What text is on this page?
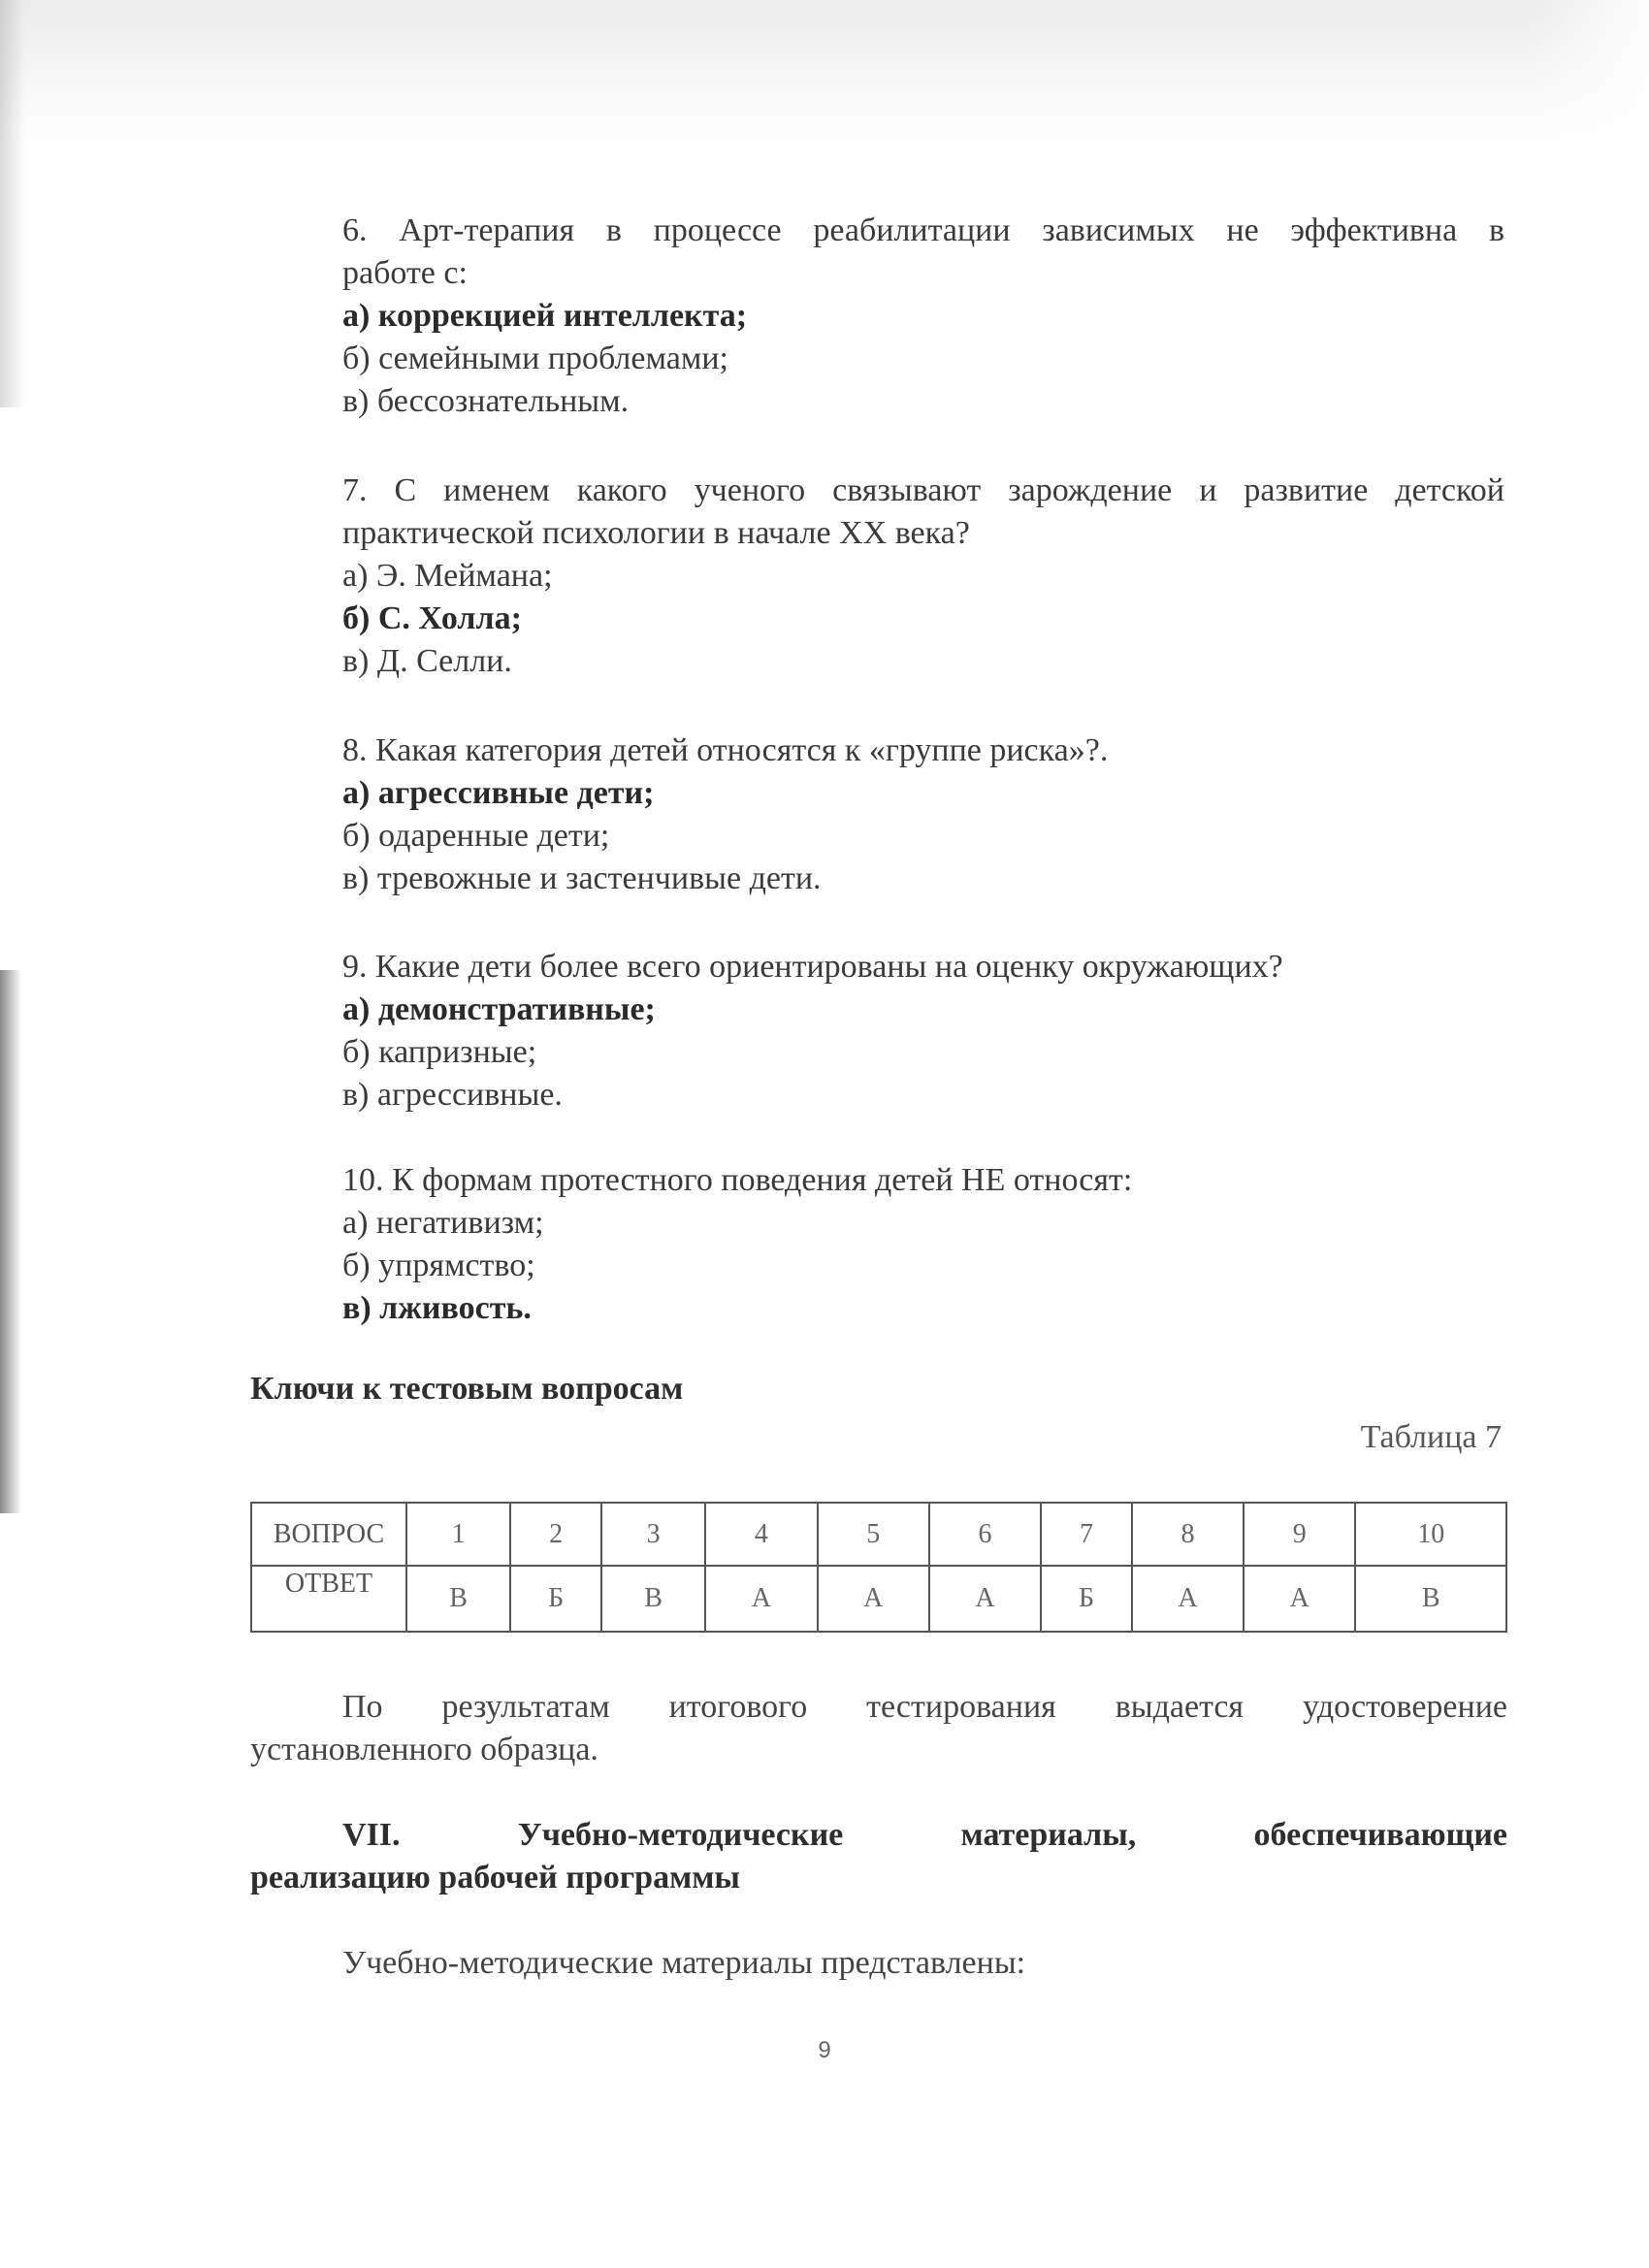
6. Арт-терапия в процессе реабилитации зависимых не эффективна в
работе с:
а) коррекцией интеллекта;
б) семейными проблемами;
в) бессознательным.
7. С именем какого ученого связывают зарождение и развитие детской
практической психологии в начале XX века?
а) Э. Меймана;
б) С. Холла;
в) Д. Селли.
8. Какая категория детей относятся к «группе риска»?.
а) агрессивные дети;
б) одаренные дети;
в) тревожные и застенчивые дети.
9. Какие дети более всего ориентированы на оценку окружающих?
а) демонстративные;
б) капризные;
в) агрессивные.
10. К формам протестного поведения детей НЕ относят:
а) негативизм;
б) упрямство;
в) лживость.
Ключи к тестовым вопросам
Таблица 7
ВОПРОС	1	2	3	4	5	6	7	8	9	10
ОТВЕТ	В	Б	В	А	А	А	Б	А	А	В
По результатам итогового тестирования выдается удостоверение
установленного образца.
VII. Учебно-методические материалы, обеспечивающие
реализацию рабочей программы
Учебно-методические материалы представлены:
9
